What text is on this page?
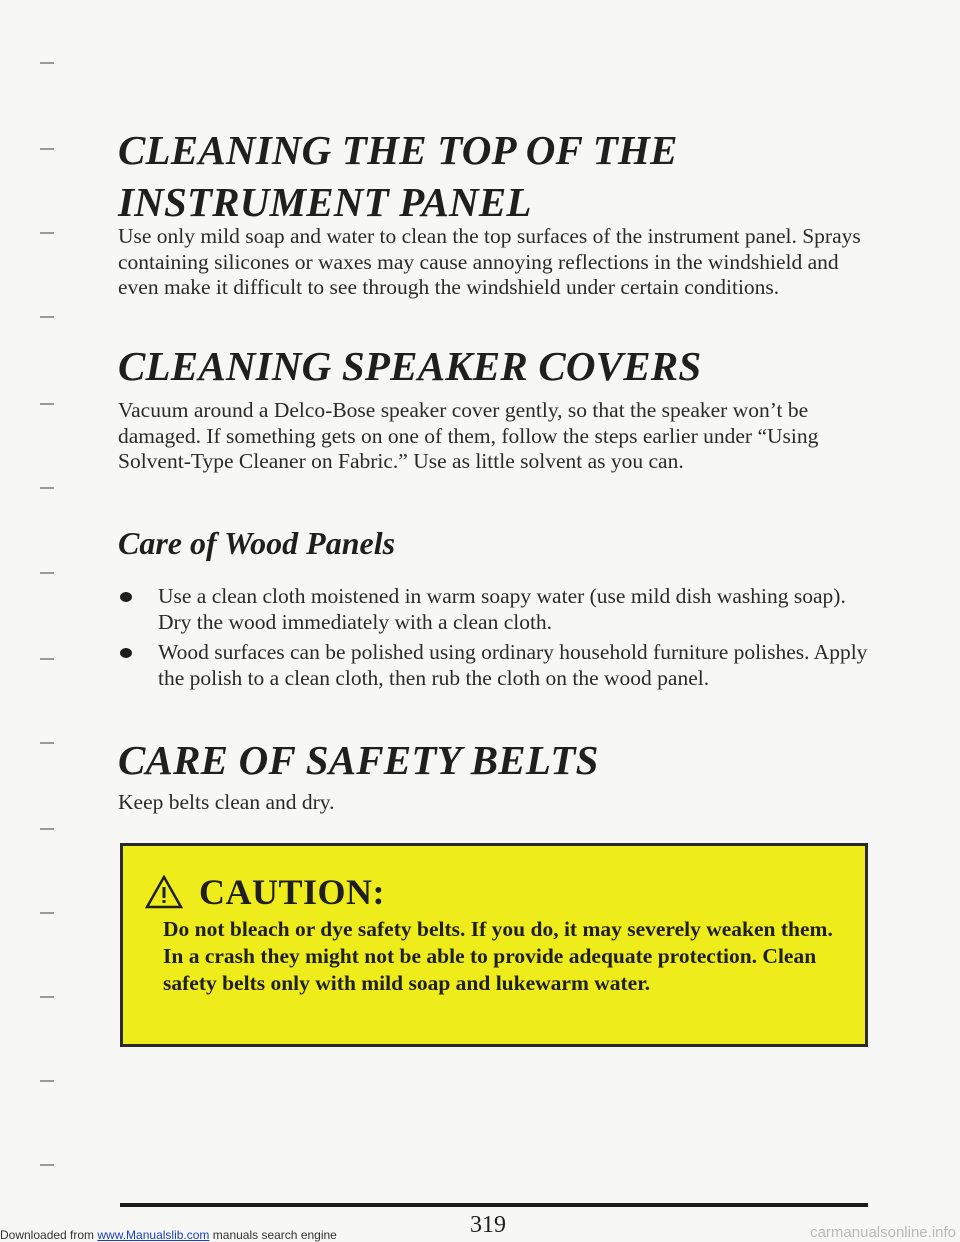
CLEANING THE TOP OF THE
INSTRUMENT PANEL

Use only mild soap and water to clean the top surfaces of the instrument panel. Sprays containing silicones or waxes may cause annoying reflections in the windshield and even make it difficult to see through the windshield under certain conditions.

CLEANING SPEAKER COVERS

Vacuum around a Delco-Bose speaker cover gently, so that the speaker won’t be damaged. If something gets on one of them, follow the steps earlier under “Using Solvent-Type Cleaner on Fabric.” Use as little solvent as you can.

Care of Wood Panels

Use a clean cloth moistened in warm soapy water (use mild dish washing soap). Dry the wood immediately with a clean cloth.

Wood surfaces can be polished using ordinary household furniture polishes. Apply the polish to a clean cloth, then rub the cloth on the wood panel.

CARE OF SAFETY BELTS

Keep belts clean and dry.

CAUTION:

Do not bleach or dye safety belts. If you do, it may severely weaken them. In a crash they might not be able to provide adequate protection. Clean safety belts only with mild soap and lukewarm water.

319
Downloaded from www.Manualslib.com manuals search engine	carmanualsonline.info
